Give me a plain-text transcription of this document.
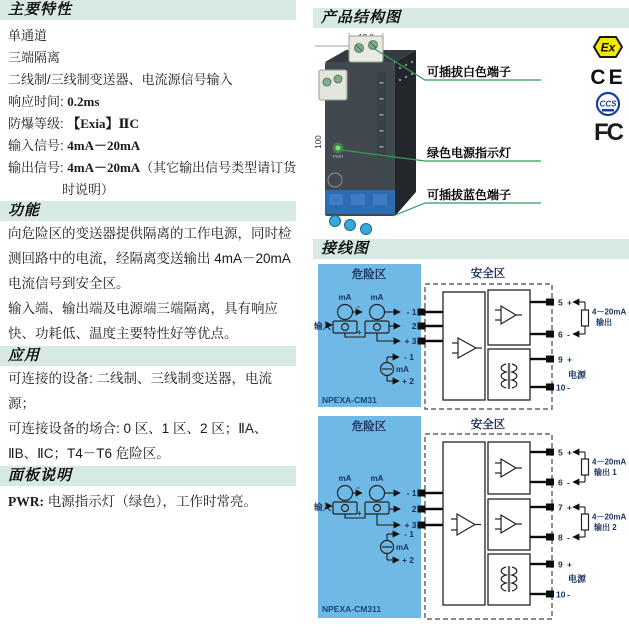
主要特性
单通道
三端隔离
二线制/三线制变送器、电流源信号输入
响应时间: 0.2ms
防爆等级: 【Exia】ⅡC
输入信号: 4mA－20mA
输出信号: 4mA－20mA（其它输出信号类型请订货
时说明）
功能
向危险区的变送器提供隔离的工作电源，同时检测回路中的电流，经隔离变送输出 4mA－20mA 电流信号到安全区。
输入端、输出端及电源端三端隔离，具有响应快、功耗低、温度主要特性好等优点。
应用
可连接的设备: 二线制、三线制变送器，电流源；
可连接设备的场合: 0 区、1 区、2 区；ⅡA、ⅡB、ⅡC；T4－T6 危险区。
面板说明
PWR: 电源指示灯（绿色），工作时常亮。
产品结构图
100
PWR
可插拔白色端子
绿色电源指示灯
可插拔蓝色端子
Ex
CE
CCS
FC
接线图
危险区
NPEXA-CM31
mA mA
输入
-
+
- 1
2
+ 3
- 1
+ 2
mA
安全区
5 +
6 -
9 +
10 -
4－20mA
输出
电源
危险区
NPEXA-CM311
mA mA
输入
-
+
- 1
2
+ 3
- 1
+ 2
mA
安全区
5 +
6 -
7 +
8 -
9 +
10 -
4－20mA
输出 1
4－20mA
输出 2
电源
